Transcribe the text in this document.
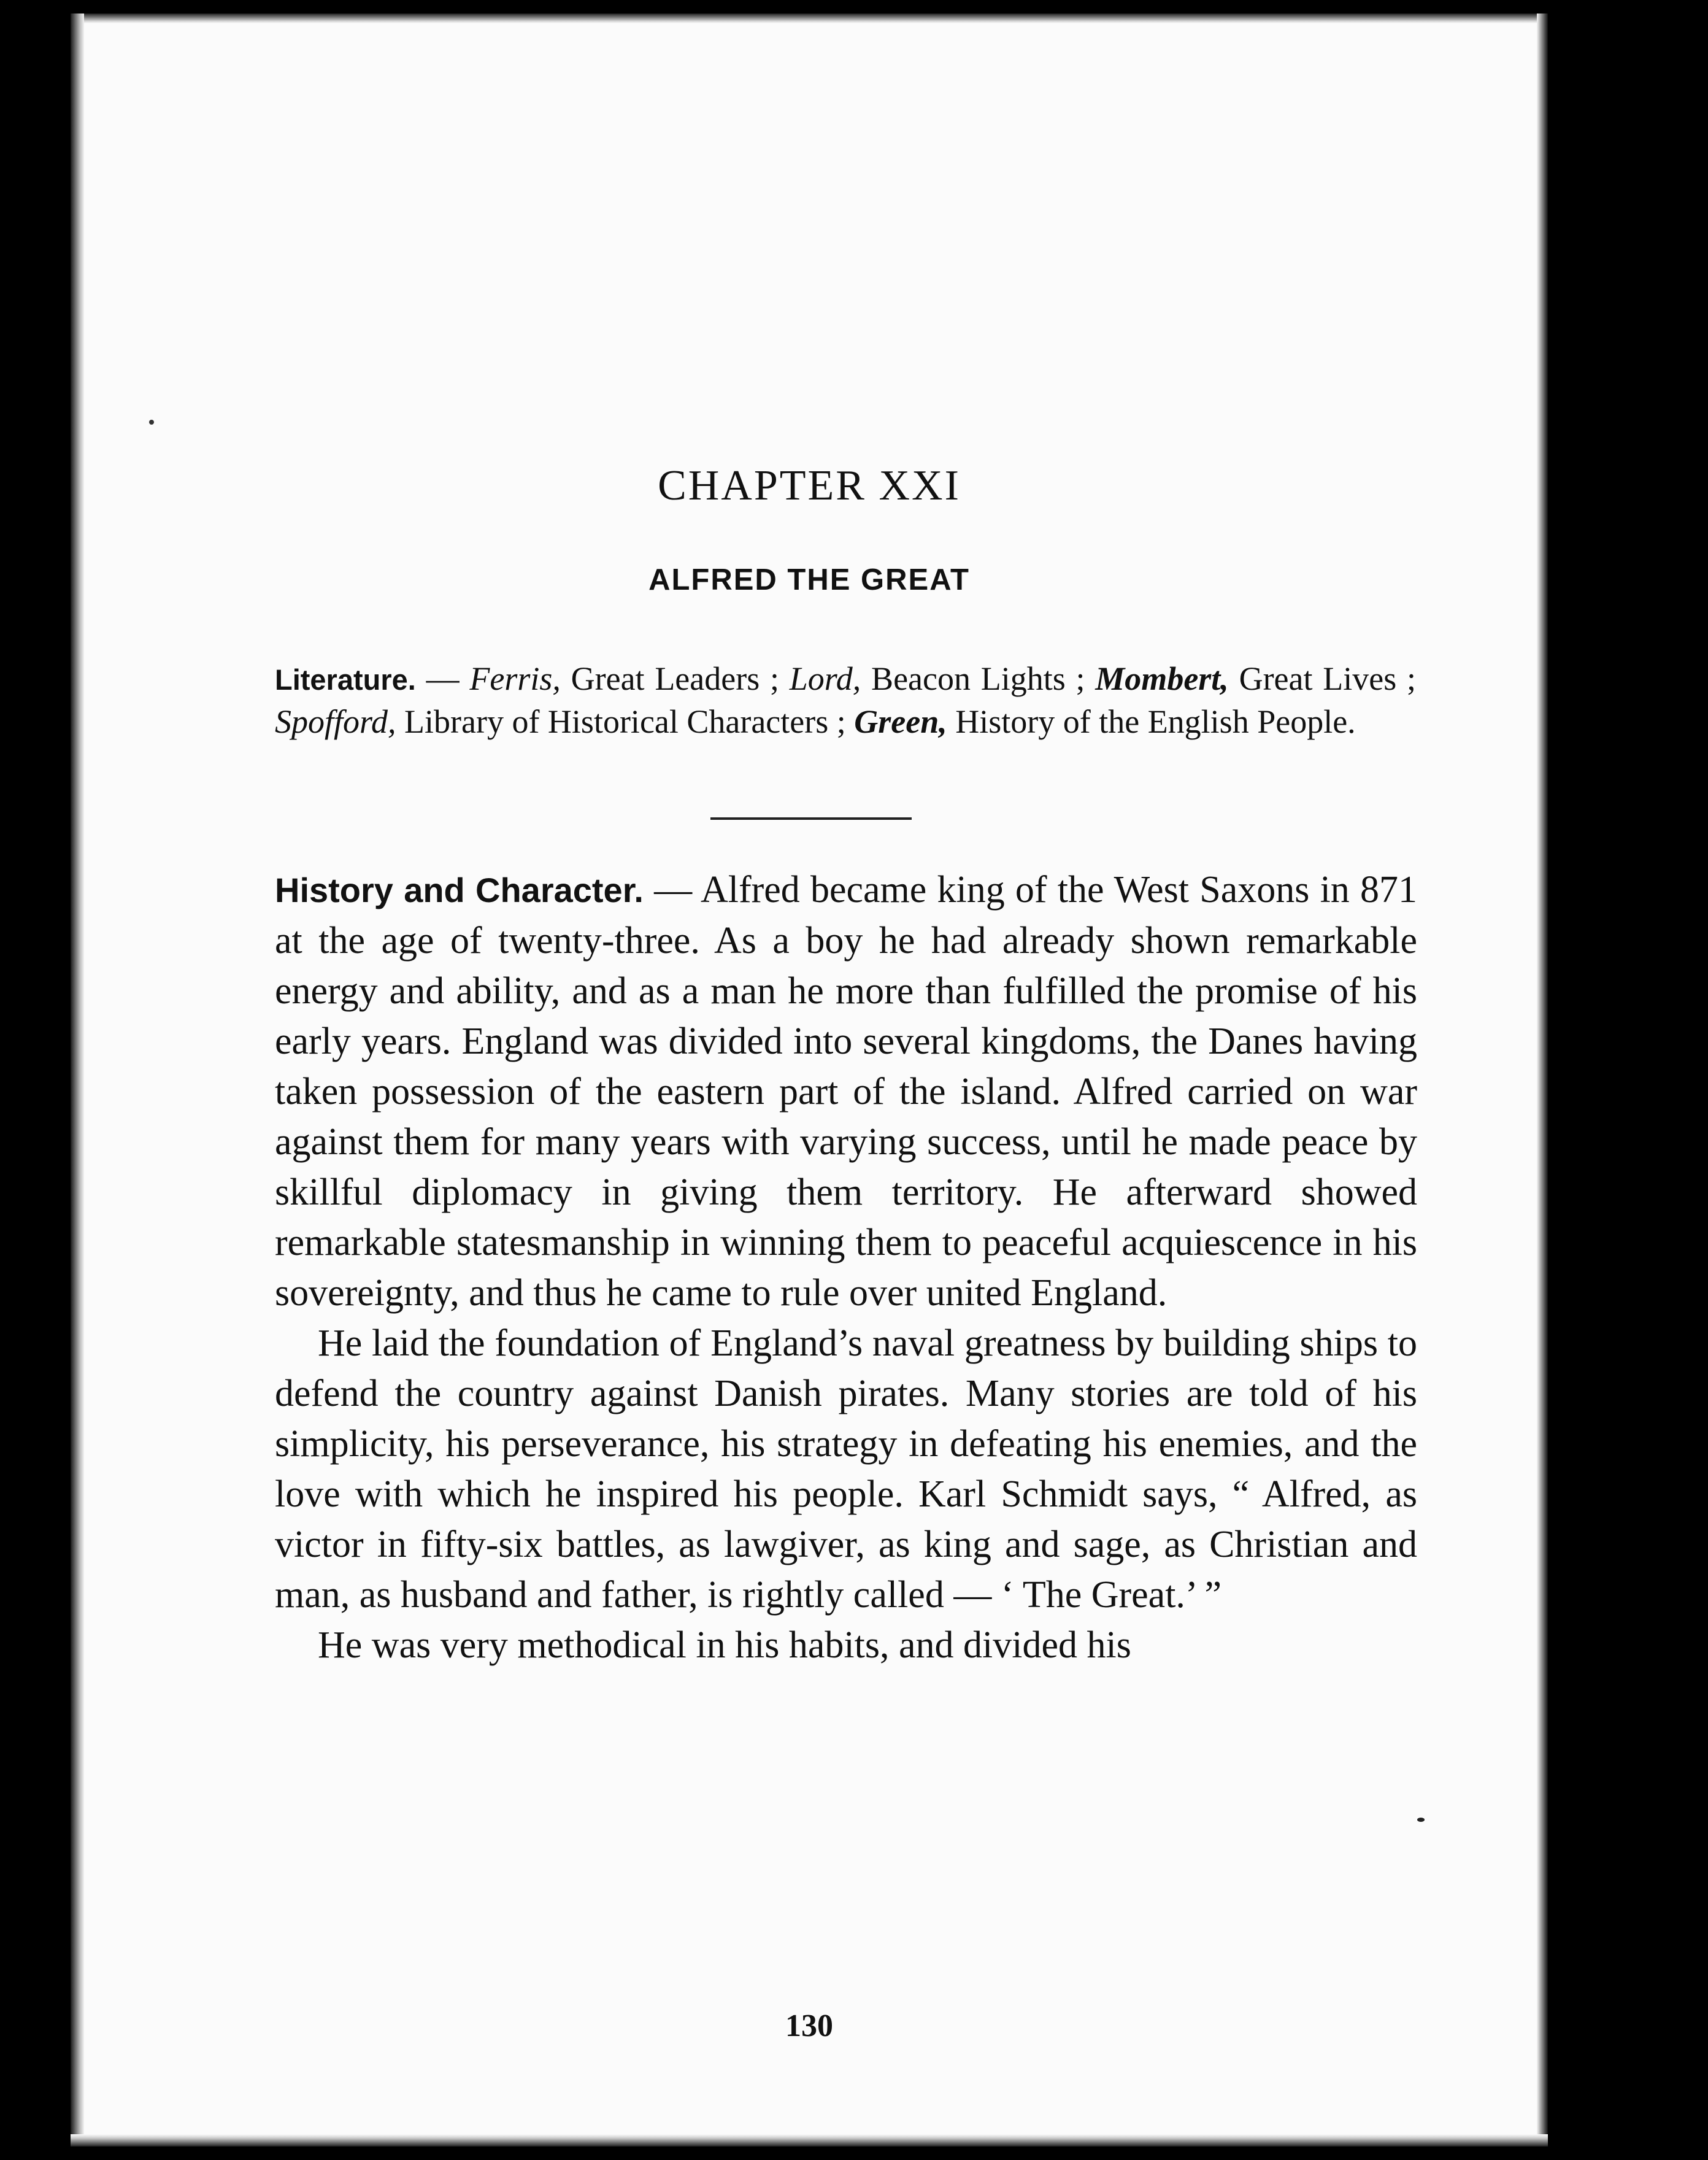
CHAPTER XXI
ALFRED THE GREAT
Literature. — Ferris, Great Leaders ; Lord, Beacon Lights ; Mombert, Great Lives ; Spofford, Library of Historical Characters ; Green, History of the English People.

History and Character. — Alfred became king of the West Saxons in 871 at the age of twenty-three. As a boy he had already shown remarkable energy and ability, and as a man he more than fulfilled the promise of his early years. England was divided into several kingdoms, the Danes having taken possession of the eastern part of the island. Alfred carried on war against them for many years with varying success, until he made peace by skillful diplomacy in giving them territory. He afterward showed remarkable statesmanship in winning them to peaceful acquiescence in his sovereignty, and thus he came to rule over united England.

He laid the foundation of England’s naval greatness by building ships to defend the country against Danish pirates. Many stories are told of his simplicity, his perseverance, his strategy in defeating his enemies, and the love with which he inspired his people. Karl Schmidt says, “ Alfred, as victor in fifty-six battles, as lawgiver, as king and sage, as Christian and man, as husband and father, is rightly called — ‘ The Great.’ ”

He was very methodical in his habits, and divided his

130
